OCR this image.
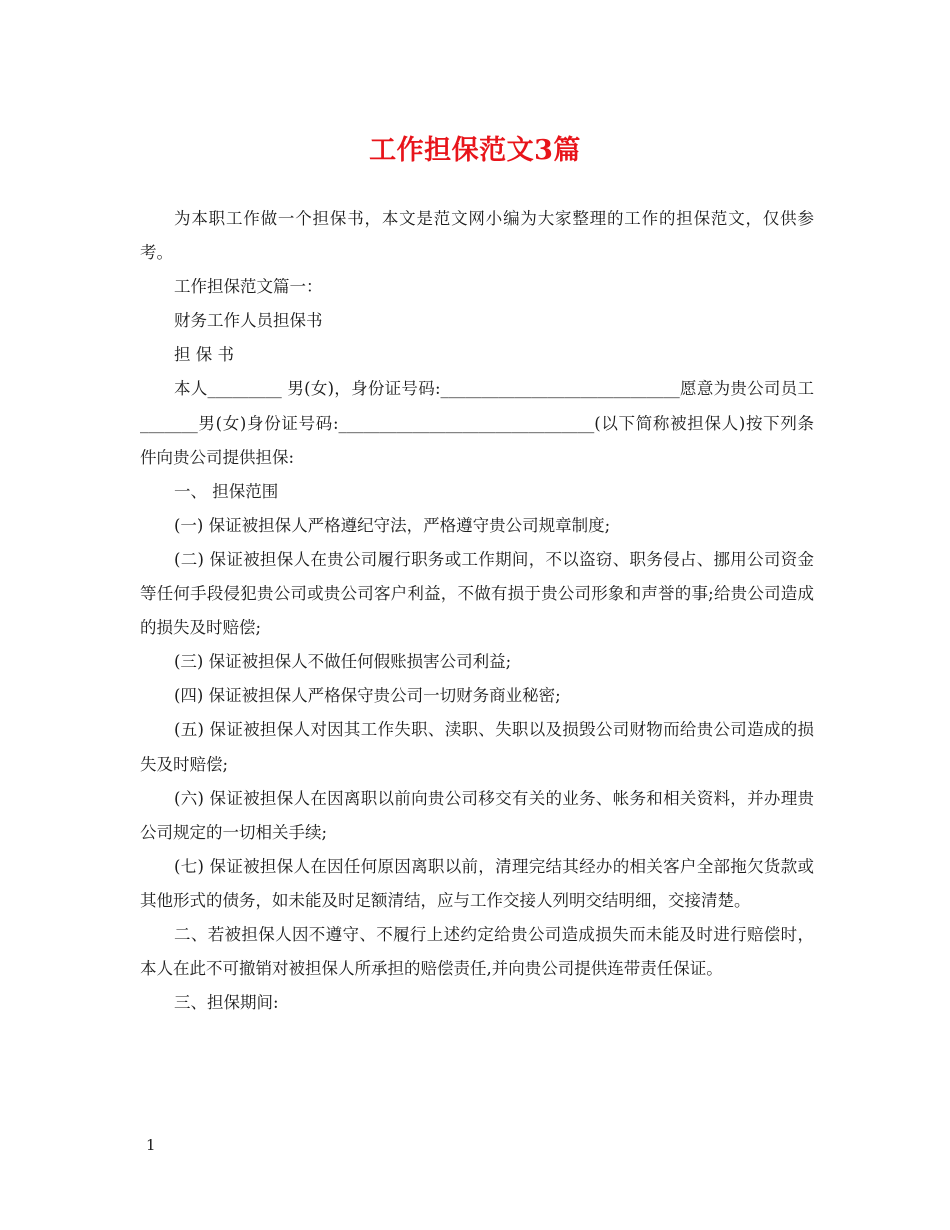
工作担保范文3篇

为本职工作做一个担保书，本文是范文网小编为大家整理的工作的担保范文，仅供参考。

工作担保范文篇一：

财务工作人员担保书

担 保 书

本人_________ 男(女)，身份证号码:_____________________________愿意为贵公司员工_______男(女)身份证号码:_______________________________(以下简称被担保人)按下列条件向贵公司提供担保:

一、 担保范围

(一) 保证被担保人严格遵纪守法，严格遵守贵公司规章制度;

(二) 保证被担保人在贵公司履行职务或工作期间，不以盗窃、职务侵占、挪用公司资金等任何手段侵犯贵公司或贵公司客户利益，不做有损于贵公司形象和声誉的事;给贵公司造成的损失及时赔偿;

(三) 保证被担保人不做任何假账损害公司利益;

(四) 保证被担保人严格保守贵公司一切财务商业秘密;

(五) 保证被担保人对因其工作失职、渎职、失职以及损毁公司财物而给贵公司造成的损失及时赔偿;

(六) 保证被担保人在因离职以前向贵公司移交有关的业务、帐务和相关资料，并办理贵公司规定的一切相关手续;

(七) 保证被担保人在因任何原因离职以前，清理完结其经办的相关客户全部拖欠货款或其他形式的债务，如未能及时足额清结，应与工作交接人列明交结明细，交接清楚。

二、若被担保人因不遵守、不履行上述约定给贵公司造成损失而未能及时进行赔偿时，本人在此不可撤销对被担保人所承担的赔偿责任,并向贵公司提供连带责任保证。

三、担保期间:

1
